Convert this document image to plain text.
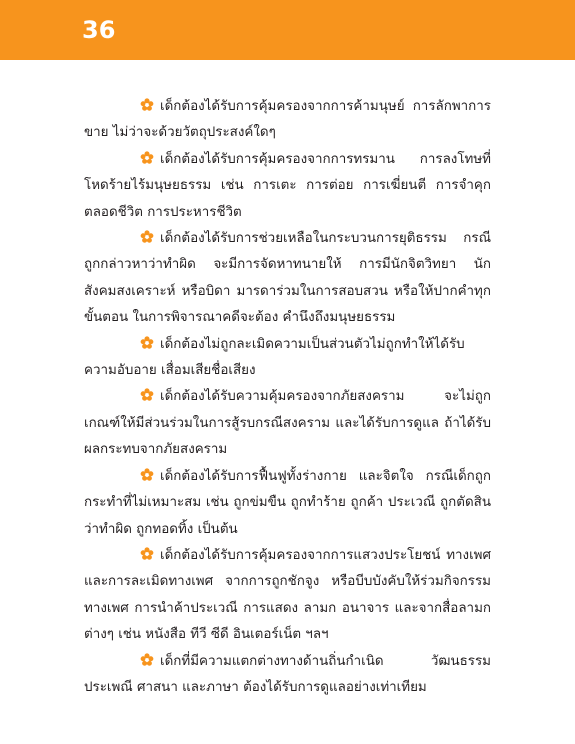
36

เด็กต้องได้รับการคุ้มครองจากการค้ามนุษย์ การลักพาการขาย ไม่ว่าจะด้วยวัตถุประสงค์ใดๆ

เด็กต้องได้รับการคุ้มครองจากการทรมาน การลงโทษที่โหดร้ายไร้มนุษยธรรม เช่น การเตะ การต่อย การเฆี่ยนตี การจำคุกตลอดชีวิต การประหารชีวิต

เด็กต้องได้รับการช่วยเหลือในกระบวนการยุติธรรม กรณีถูกกล่าวหาว่าทำผิด จะมีการจัดหาทนายให้ การมีนักจิตวิทยา นักสังคมสงเคราะห์ หรือบิดา มารดาร่วมในการสอบสวน หรือให้ปากคำทุกขั้นตอน ในการพิจารณาคดีจะต้อง คำนึงถึงมนุษยธรรม

เด็กต้องไม่ถูกละเมิดความเป็นส่วนตัวไม่ถูกทำให้ได้รับความอับอาย เสื่อมเสียชื่อเสียง

เด็กต้องได้รับความคุ้มครองจากภัยสงคราม จะไม่ถูกเกณฑ์ให้มีส่วนร่วมในการสู้รบกรณีสงคราม และได้รับการดูแล ถ้าได้รับผลกระทบจากภัยสงคราม

เด็กต้องได้รับการฟื้นฟูทั้งร่างกาย และจิตใจ กรณีเด็กถูกกระทำที่ไม่เหมาะสม เช่น ถูกข่มขืน ถูกทำร้าย ถูกค้า ประเวณี ถูกตัดสินว่าทำผิด ถูกทอดทิ้ง เป็นต้น

เด็กต้องได้รับการคุ้มครองจากการแสวงประโยชน์ ทางเพศและการละเมิดทางเพศ จากการถูกชักจูง หรือบีบบังคับให้ร่วมกิจกรรมทางเพศ การนำค้าประเวณี การแสดง ลามก อนาจาร และจากสื่อลามกต่างๆ เช่น หนังสือ ทีวี ซีดี อินเตอร์เน็ต ฯลฯ

เด็กที่มีความแตกต่างทางด้านถิ่นกำเนิด วัฒนธรรม ประเพณี ศาสนา และภาษา ต้องได้รับการดูแลอย่างเท่าเทียม
